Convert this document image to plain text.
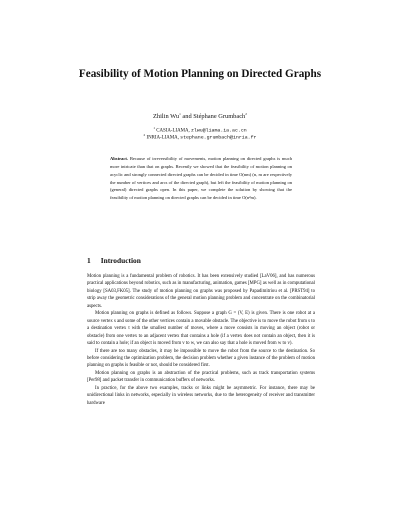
Feasibility of Motion Planning on Directed Graphs
Zhilin Wu$^1$ and Stéphane Grumbach$^2$
$^1$ CASIA-LIAMA, zlwu@liama.ia.ac.cn
$^2$ INRIA-LIAMA, stephane.grumbach@inria.fr
Abstract. Because of irreversibility of movements, motion planning on directed graphs is much more intricate than that on graphs. Recently we showed that the feasibility of motion planning on acyclic and strongly connected directed graphs can be decided in time O(nm) (n, m are respectively the number of vertices and arcs of the directed graph), but left the feasibility of motion planning on (general) directed graphs open. In this paper, we complete the solution by showing that the feasibility of motion planning on directed graphs can be decided in time O(n²m).
1 Introduction

Motion planning is a fundamental problem of robotics. It has been extensively studied [LaV06], and has numerous practical applications beyond robotics, such as in manufacturing, animation, games [MPG] as well as in computational biology [SA03,FK05]. The study of motion planning on graphs was proposed by Papadimitriou et al. [PRST94] to strip away the geometric considerations of the general motion planning problem and concentrate on the combinatorial aspects.

Motion planning on graphs is defined as follows. Suppose a graph G = (V, E) is given. There is one robot at a source vertex s and some of the other vertices contain a movable obstacle. The objective is to move the robot from s to a destination vertex t with the smallest number of moves, where a move consists in moving an object (robot or obstacle) from one vertex to an adjacent vertex that contains a hole (if a vertex does not contain an object, then it is said to contain a hole; if an object is moved from v to w, we can also say that a hole is moved from w to v).

If there are too many obstacles, it may be impossible to move the robot from the source to the destination. So before considering the optimization problem, the decision problem whether a given instance of the problem of motion planning on graphs is feasible or not, should be considered first.

Motion planning on graphs is an abstraction of the practical problems, such as track transportation systems [Per98] and packet transfer in communication buffers of networks.

In practice, for the above two examples, tracks or links might be asymmetric. For instance, there may be unidirectional links in networks, especially in wireless networks, due to the heterogeneity of receiver and transmitter hardware
